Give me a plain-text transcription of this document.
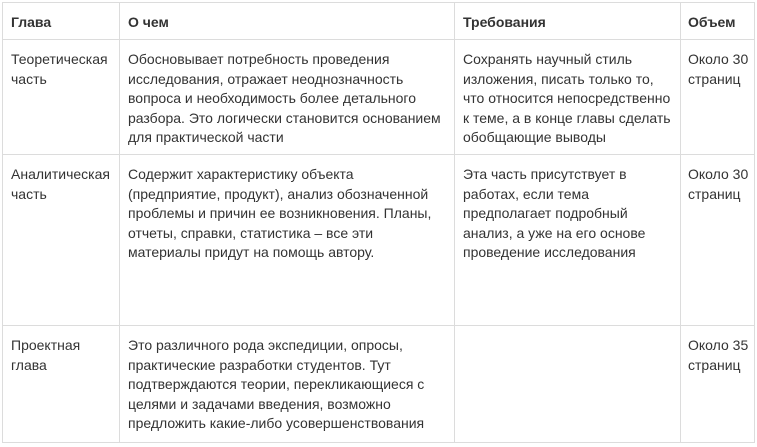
Глава	О чем	Требования	Объем
Теоретическая часть	Обосновывает потребность проведения исследования, отражает неоднозначность вопроса и необходимость более детального разбора. Это логически становится основанием для практической части	Сохранять научный стиль изложения, писать только то, что относится непосредственно к теме, а в конце главы сделать обобщающие выводы	Около 30 страниц
Аналитическая часть	Содержит характеристику объекта (предприятие, продукт), анализ обозначенной проблемы и причин ее возникновения. Планы, отчеты, справки, статистика – все эти материалы придут на помощь автору.	Эта часть присутствует в работах, если тема предполагает подробный анализ, а уже на его основе проведение исследования	Около 30 страниц
Проектная глава	Это различного рода экспедиции, опросы, практические разработки студентов. Тут подтверждаются теории, перекликающиеся с целями и задачами введения, возможно предложить какие-либо усовершенствования		Около 35 страниц
